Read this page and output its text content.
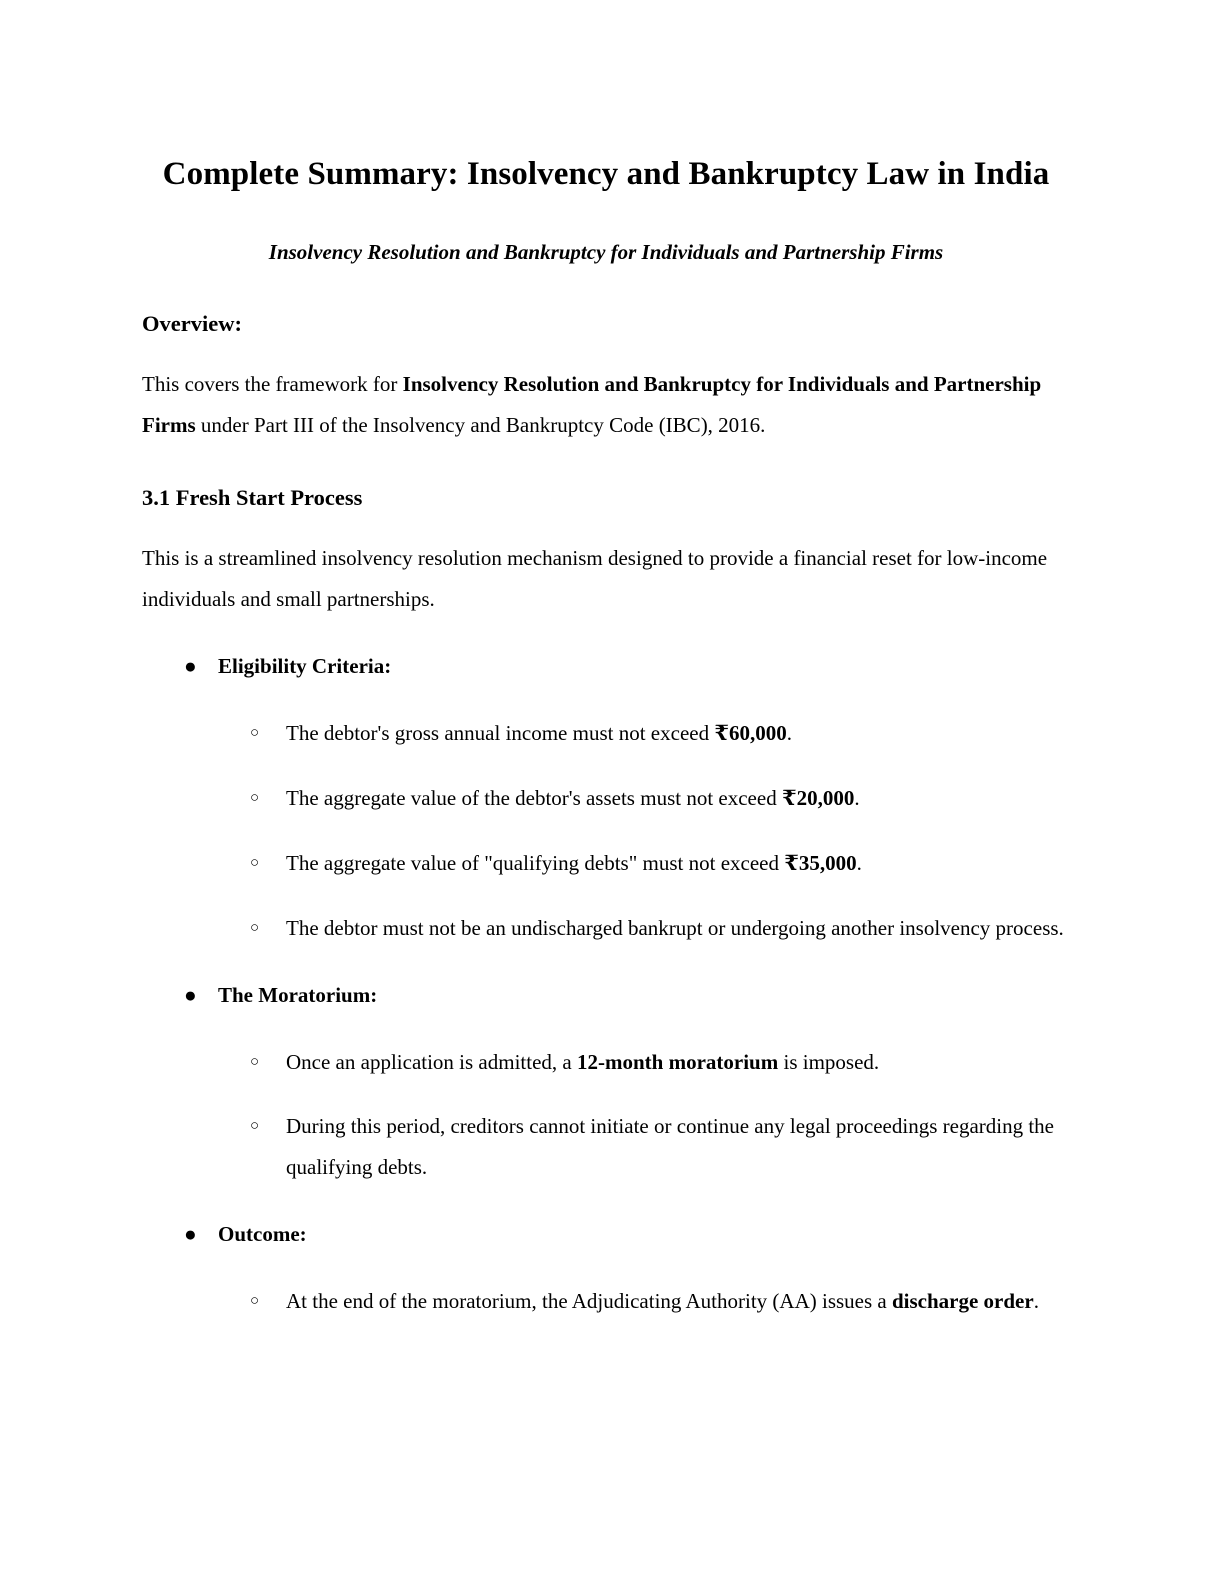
Complete Summary: Insolvency and Bankruptcy Law in India
Insolvency Resolution and Bankruptcy for Individuals and Partnership Firms
Overview:

This covers the framework for Insolvency Resolution and Bankruptcy for Individuals and Partnership Firms under Part III of the Insolvency and Bankruptcy Code (IBC), 2016.

3.1 Fresh Start Process

This is a streamlined insolvency resolution mechanism designed to provide a financial reset for low-income individuals and small partnerships.

● Eligibility Criteria:
○ The debtor's gross annual income must not exceed ₹60,000.
○ The aggregate value of the debtor's assets must not exceed ₹20,000.
○ The aggregate value of "qualifying debts" must not exceed ₹35,000.
○ The debtor must not be an undischarged bankrupt or undergoing another insolvency process.
● The Moratorium:
○ Once an application is admitted, a 12-month moratorium is imposed.
○ During this period, creditors cannot initiate or continue any legal proceedings regarding the qualifying debts.
● Outcome:
○ At the end of the moratorium, the Adjudicating Authority (AA) issues a discharge order.
